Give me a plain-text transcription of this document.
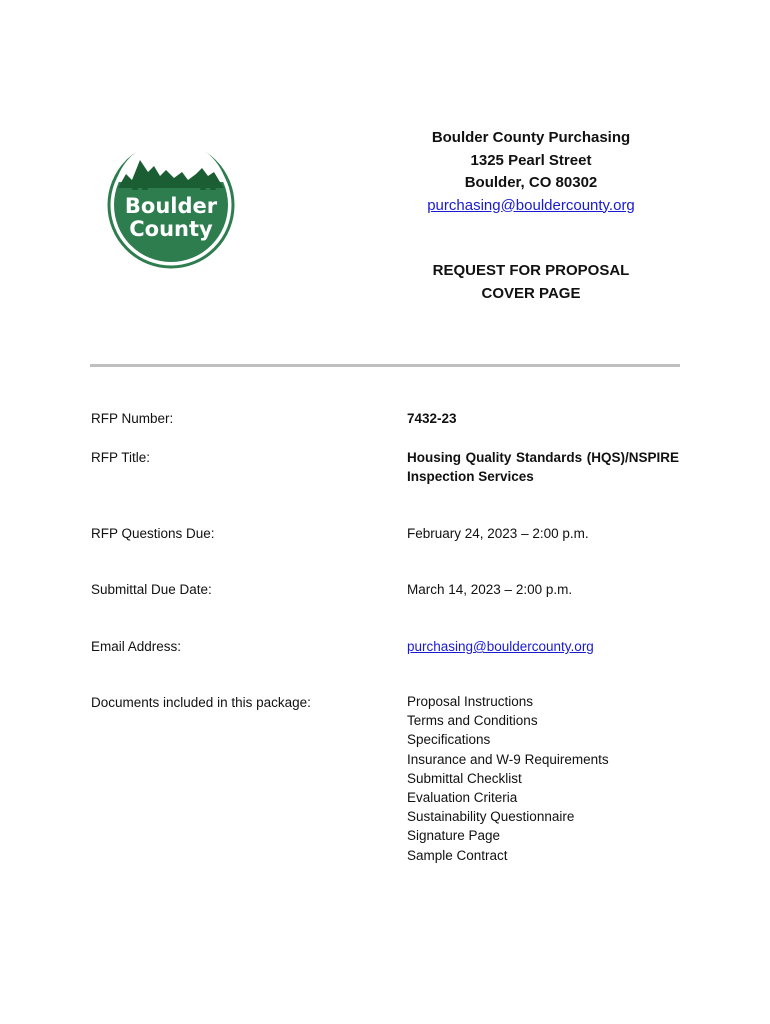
Boulder
County
Boulder County Purchasing
1325 Pearl Street
Boulder, CO 80302
purchasing@bouldercounty.org
REQUEST FOR PROPOSAL
COVER PAGE
RFP Number:	7432-23
RFP Title:	Housing Quality Standards (HQS)/NSPIRE Inspection Services
RFP Questions Due:	February 24, 2023 – 2:00 p.m.
Submittal Due Date:	March 14, 2023 – 2:00 p.m.
Email Address:	purchasing@bouldercounty.org
Documents included in this package:	Proposal Instructions
Terms and Conditions
Specifications
Insurance and W-9 Requirements
Submittal Checklist
Evaluation Criteria
Sustainability Questionnaire
Signature Page
Sample Contract
